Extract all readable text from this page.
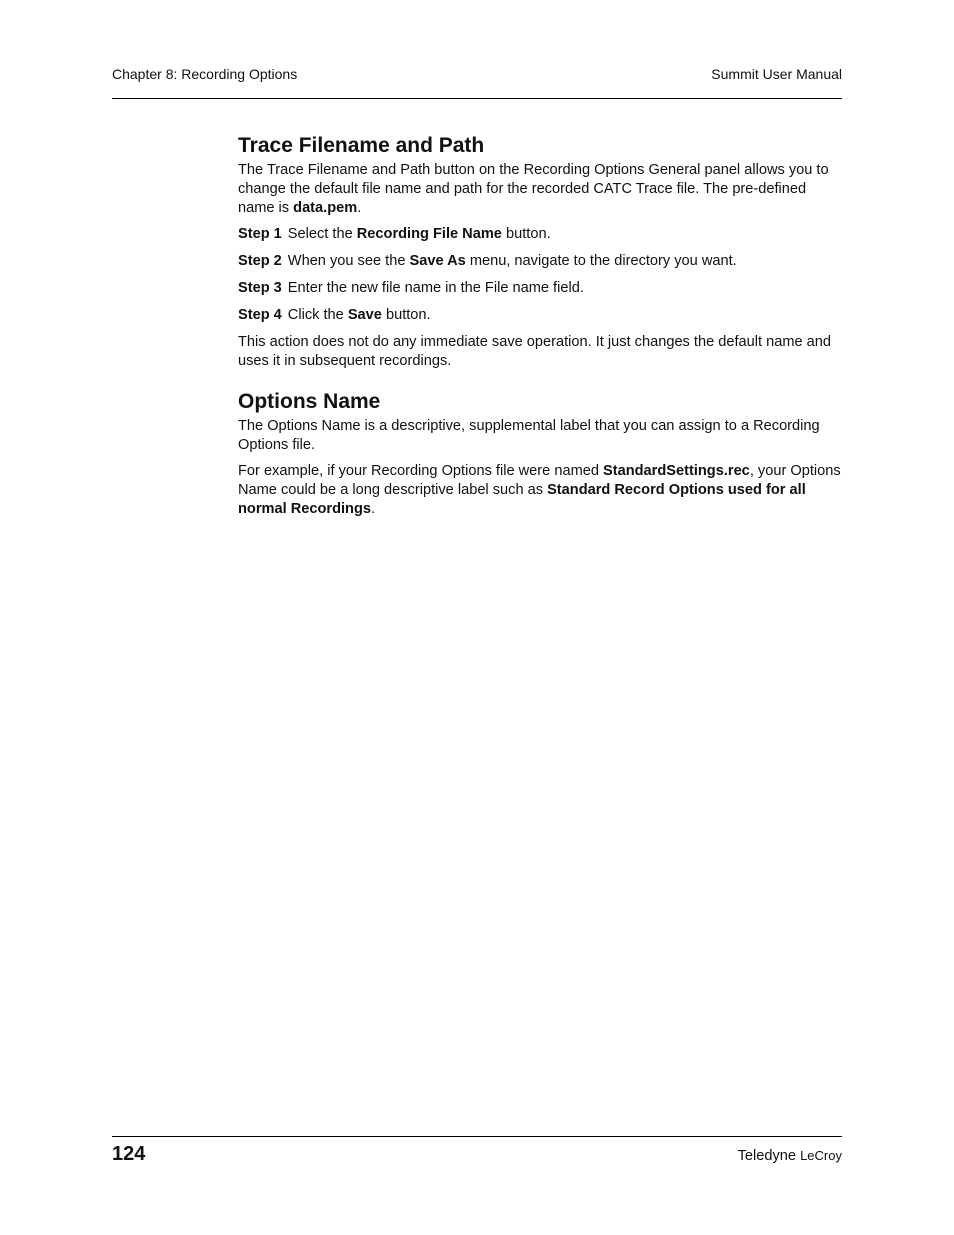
Chapter 8: Recording Options	Summit User Manual
Trace Filename and Path

The Trace Filename and Path button on the Recording Options General panel allows you to change the default file name and path for the recorded CATC Trace file. The pre-defined name is data.pem.

Step 1 Select the Recording File Name button.
Step 2 When you see the Save As menu, navigate to the directory you want.
Step 3 Enter the new file name in the File name field.
Step 4 Click the Save button.

This action does not do any immediate save operation. It just changes the default name and uses it in subsequent recordings.

Options Name

The Options Name is a descriptive, supplemental label that you can assign to a Recording Options file.

For example, if your Recording Options file were named StandardSettings.rec, your Options Name could be a long descriptive label such as Standard Record Options used for all normal Recordings.

124	Teledyne LeCroy
